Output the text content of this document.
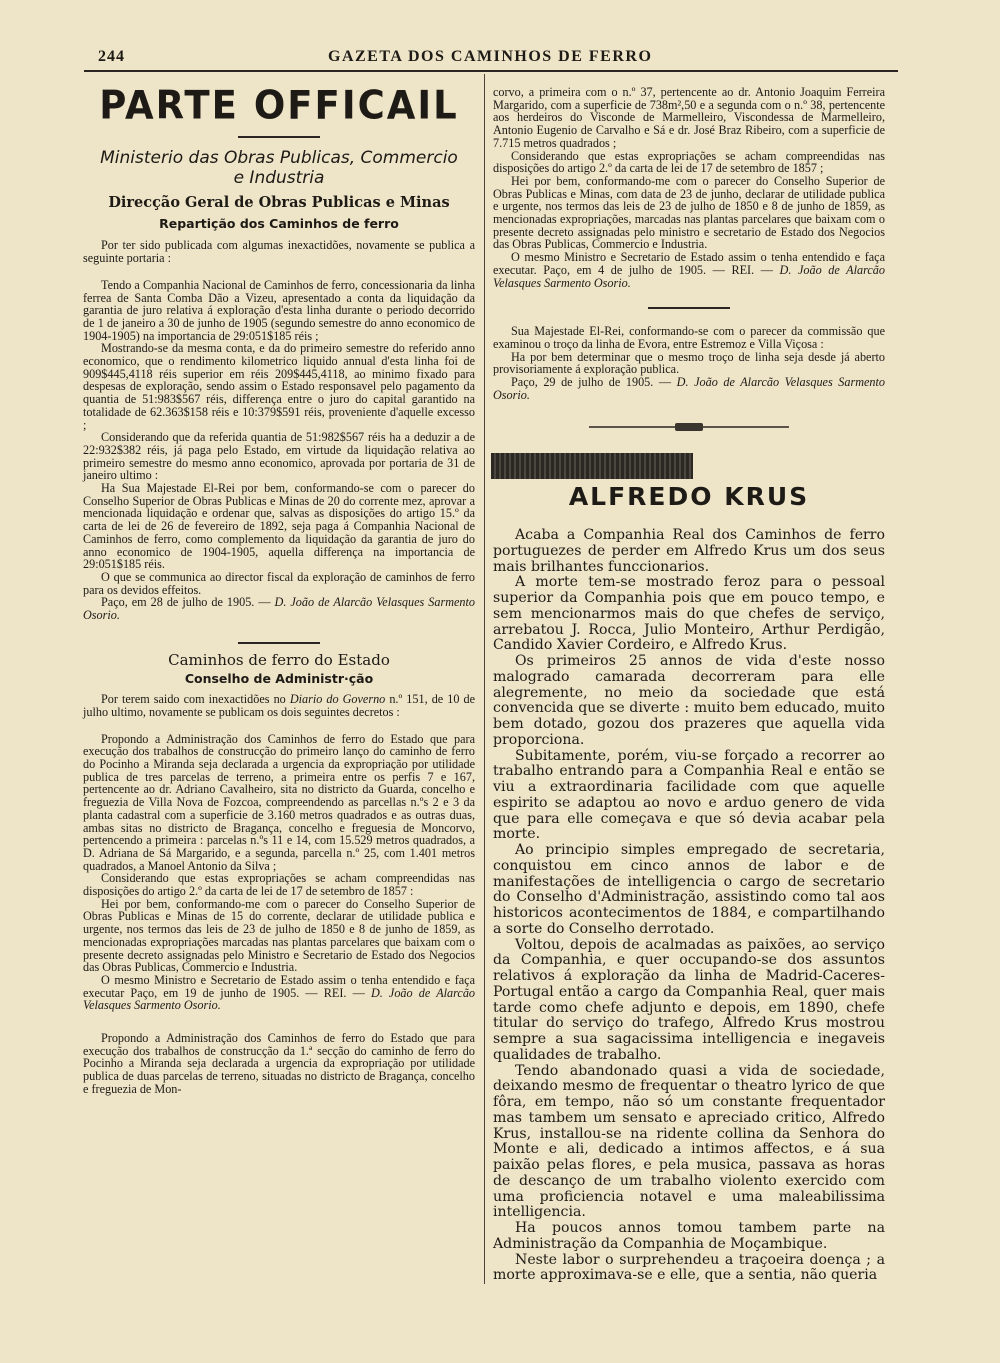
244	GAZETA DOS CAMINHOS DE FERRO
PARTE OFFICAIL
Ministerio das Obras Publicas, Commercio
e Industria
Direcção Geral de Obras Publicas e Minas
Repartição dos Caminhos de ferro

Por ter sido publicada com algumas inexactidões, novamente se publica a seguinte portaria :

Tendo a Companhia Nacional de Caminhos de ferro, concessionaria da linha ferrea de Santa Comba Dão a Vizeu, apresentado a conta da liquidação da garantia de juro relativa á exploração d'esta linha durante o periodo decorrido de 1 de janeiro a 30 de junho de 1905 (segundo semestre do anno economico de 1904-1905) na importancia de 29:051$185 réis ;

Mostrando-se da mesma conta, e da do primeiro semestre do referido anno economico, que o rendimento kilometrico liquido annual d'esta linha foi de 909$445,4118 réis superior em réis 209$445,4118, ao minimo fixado para despesas de exploração, sendo assim o Estado responsavel pelo pagamento da quantia de 51:983$567 réis, differença entre o juro do capital garantido na totalidade de 62.363$158 réis e 10:379$591 réis, proveniente d'aquelle excesso ;

Considerando que da referida quantia de 51:982$567 réis ha a deduzir a de 22:932$382 réis, já paga pelo Estado, em virtude da liquidação relativa ao primeiro semestre do mesmo anno economico, aprovada por portaria de 31 de janeiro ultimo :

Ha Sua Majestade El-Rei por bem, conformando-se com o parecer do Conselho Superior de Obras Publicas e Minas de 20 do corrente mez, aprovar a mencionada liquidação e ordenar que, salvas as disposições do artigo 15.º da carta de lei de 26 de fevereiro de 1892, seja paga á Companhia Nacional de Caminhos de ferro, como complemento da liquidação da garantia de juro do anno economico de 1904-1905, aquella differença na importancia de 29:051$185 réis.

O que se communica ao director fiscal da exploração de caminhos de ferro para os devidos effeitos.

Paço, em 28 de julho de 1905. — D. João de Alarcão Velasques Sarmento Osorio.

Caminhos de ferro do Estado
Conselho de Administr·ção

Por terem saido com inexactidões no Diario do Governo n.º 151, de 10 de julho ultimo, novamente se publicam os dois seguintes decretos :

Propondo a Administração dos Caminhos de ferro do Estado que para execução dos trabalhos de construcção do primeiro lanço do caminho de ferro do Pocinho a Miranda seja declarada a urgencia da expropriação por utilidade publica de tres parcelas de terreno, a primeira entre os perfis 7 e 167, pertencente ao dr. Adriano Cavalheiro, sita no districto da Guarda, concelho e freguezia de Villa Nova de Fozcoa, compreendendo as parcellas n.ºs 2 e 3 da planta cadastral com a superficie de 3.160 metros quadrados e as outras duas, ambas sitas no districto de Bragança, concelho e freguesia de Moncorvo, pertencendo a primeira : parcelas n.ºs 11 e 14, com 15.529 metros quadrados, a D. Adriana de Sá Margarido, e a segunda, parcella n.º 25, com 1.401 metros quadrados, a Manoel Antonio da Silva ;

Considerando que estas expropriações se acham compreendidas nas disposições do artigo 2.º da carta de lei de 17 de setembro de 1857 :

Hei por bem, conformando-me com o parecer do Conselho Superior de Obras Publicas e Minas de 15 do corrente, declarar de utilidade publica e urgente, nos termos das leis de 23 de julho de 1850 e 8 de junho de 1859, as mencionadas expropriações marcadas nas plantas parcelares que baixam com o presente decreto assignadas pelo Ministro e Secretario de Estado dos Negocios das Obras Publicas, Commercio e Industria.

O mesmo Ministro e Secretario de Estado assim o tenha entendido e faça executar Paço, em 19 de junho de 1905. — REI. — D. João de Alarcão Velasques Sarmento Osorio.

Propondo a Administração dos Caminhos de ferro do Estado que para execução dos trabalhos de construcção da 1.ª secção do caminho de ferro do Pocinho a Miranda seja declarada a urgencia da expropriação por utilidade publica de duas parcelas de terreno, situadas no districto de Bragança, concelho e freguezia de Mon-

corvo, a primeira com o n.º 37, pertencente ao dr. Antonio Joaquim Ferreira Margarido, com a superficie de 738m²,50 e a segunda com o n.º 38, pertencente aos herdeiros do Visconde de Marmelleiro, Viscondessa de Marmelleiro, Antonio Eugenio de Carvalho e Sá e dr. José Braz Ribeiro, com a superficie de 7.715 metros quadrados ;

Considerando que estas expropriações se acham compreendidas nas disposições do artigo 2.º da carta de lei de 17 de setembro de 1857 ;

Hei por bem, conformando-me com o parecer do Conselho Superior de Obras Publicas e Minas, com data de 23 de junho, declarar de utilidade publica e urgente, nos termos das leis de 23 de julho de 1850 e 8 de junho de 1859, as mencionadas expropriações, marcadas nas plantas parcelares que baixam com o presente decreto assignadas pelo ministro e secretario de Estado dos Negocios das Obras Publicas, Commercio e Industria.

O mesmo Ministro e Secretario de Estado assim o tenha entendido e faça executar. Paço, em 4 de julho de 1905. — REI. — D. João de Alarcão Velasques Sarmento Osorio.

Sua Majestade El-Rei, conformando-se com o parecer da commissão que examinou o troço da linha de Evora, entre Estremoz e Villa Viçosa :

Ha por bem determinar que o mesmo troço de linha seja desde já aberto provisoriamente á exploração publica.

Paço, 29 de julho de 1905. — D. João de Alarcão Velasques Sarmento Osorio.

ALFREDO KRUS

Acaba a Companhia Real dos Caminhos de ferro portuguezes de perder em Alfredo Krus um dos seus mais brilhantes funccionarios.

A morte tem-se mostrado feroz para o pessoal superior da Companhia pois que em pouco tempo, e sem mencionarmos mais do que chefes de serviço, arrebatou J. Rocca, Julio Monteiro, Arthur Perdigão, Candido Xavier Cordeiro, e Alfredo Krus.

Os primeiros 25 annos de vida d'este nosso malogrado camarada decorreram para elle alegremente, no meio da sociedade que está convencida que se diverte : muito bem educado, muito bem dotado, gozou dos prazeres que aquella vida proporciona.

Subitamente, porém, viu-se forçado a recorrer ao trabalho entrando para a Companhia Real e então se viu a extraordinaria facilidade com que aquelle espirito se adaptou ao novo e arduo genero de vida que para elle começava e que só devia acabar pela morte.

Ao principio simples empregado de secretaria, conquistou em cinco annos de labor e de manifestações de intelligencia o cargo de secretario do Conselho d'Administração, assistindo como tal aos historicos acontecimentos de 1884, e compartilhando a sorte do Conselho derrotado.

Voltou, depois de acalmadas as paixões, ao serviço da Companhia, e quer occupando-se dos assuntos relativos á exploração da linha de Madrid-Caceres-Portugal então a cargo da Companhia Real, quer mais tarde como chefe adjunto e depois, em 1890, chefe titular do serviço do trafego, Alfredo Krus mostrou sempre a sua sagacissima intelligencia e inegaveis qualidades de trabalho.

Tendo abandonado quasi a vida de sociedade, deixando mesmo de frequentar o theatro lyrico de que fôra, em tempo, não só um constante frequentador mas tambem um sensato e apreciado critico, Alfredo Krus, installou-se na ridente collina da Senhora do Monte e ali, dedicado a intimos affectos, e á sua paixão pelas flores, e pela musica, passava as horas de descanço de um trabalho violento exercido com uma proficiencia notavel e uma maleabilissima intelligencia.

Ha poucos annos tomou tambem parte na Administração da Companhia de Moçambique.

Neste labor o surprehendeu a traçoeira doença ; a morte approximava-se e elle, que a sentia, não queria
